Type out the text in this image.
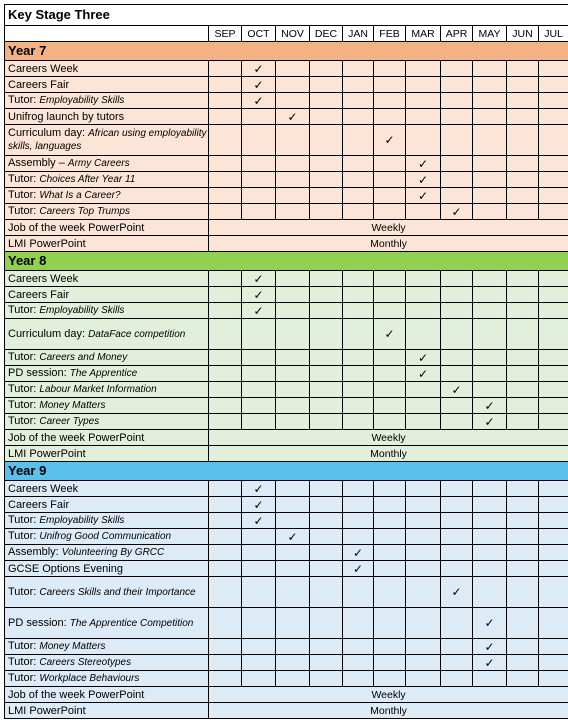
Key Stage Three											
	SEP	OCT	NOV	DEC	JAN	FEB	MAR	APR	MAY	JUN	JUL
Year 7											
Careers Week		✓									
Careers Fair		✓									
Tutor: Employability Skills		✓									
Unifrog launch by tutors			✓								
Curriculum day: African using employability skills, languages						✓					
Assembly – Army Careers							✓				
Tutor: Choices After Year 11							✓				
Tutor: What Is a Career?							✓				
Tutor: Careers Top Trumps								✓			
Job of the week PowerPoint	Weekly										
LMI PowerPoint	Monthly										
Year 8											
Careers Week		✓									
Careers Fair		✓									
Tutor: Employability Skills		✓									
Curriculum day: DataFace competition						✓					
Tutor: Careers and Money							✓				
PD session: The Apprentice							✓				
Tutor: Labour Market Information								✓			
Tutor: Money Matters									✓		
Tutor: Career Types									✓		
Job of the week PowerPoint	Weekly										
LMI PowerPoint	Monthly										
Year 9											
Careers Week		✓									
Careers Fair		✓									
Tutor: Employability Skills		✓									
Tutor: Unifrog Good Communication			✓								
Assembly: Volunteering By GRCC					✓						
GCSE Options Evening					✓						
Tutor: Careers Skills and their Importance								✓			
PD session: The Apprentice Competition									✓		
Tutor: Money Matters									✓		
Tutor: Careers Stereotypes									✓		
Tutor: Workplace Behaviours											
Job of the week PowerPoint	Weekly										
LMI PowerPoint	Monthly										
